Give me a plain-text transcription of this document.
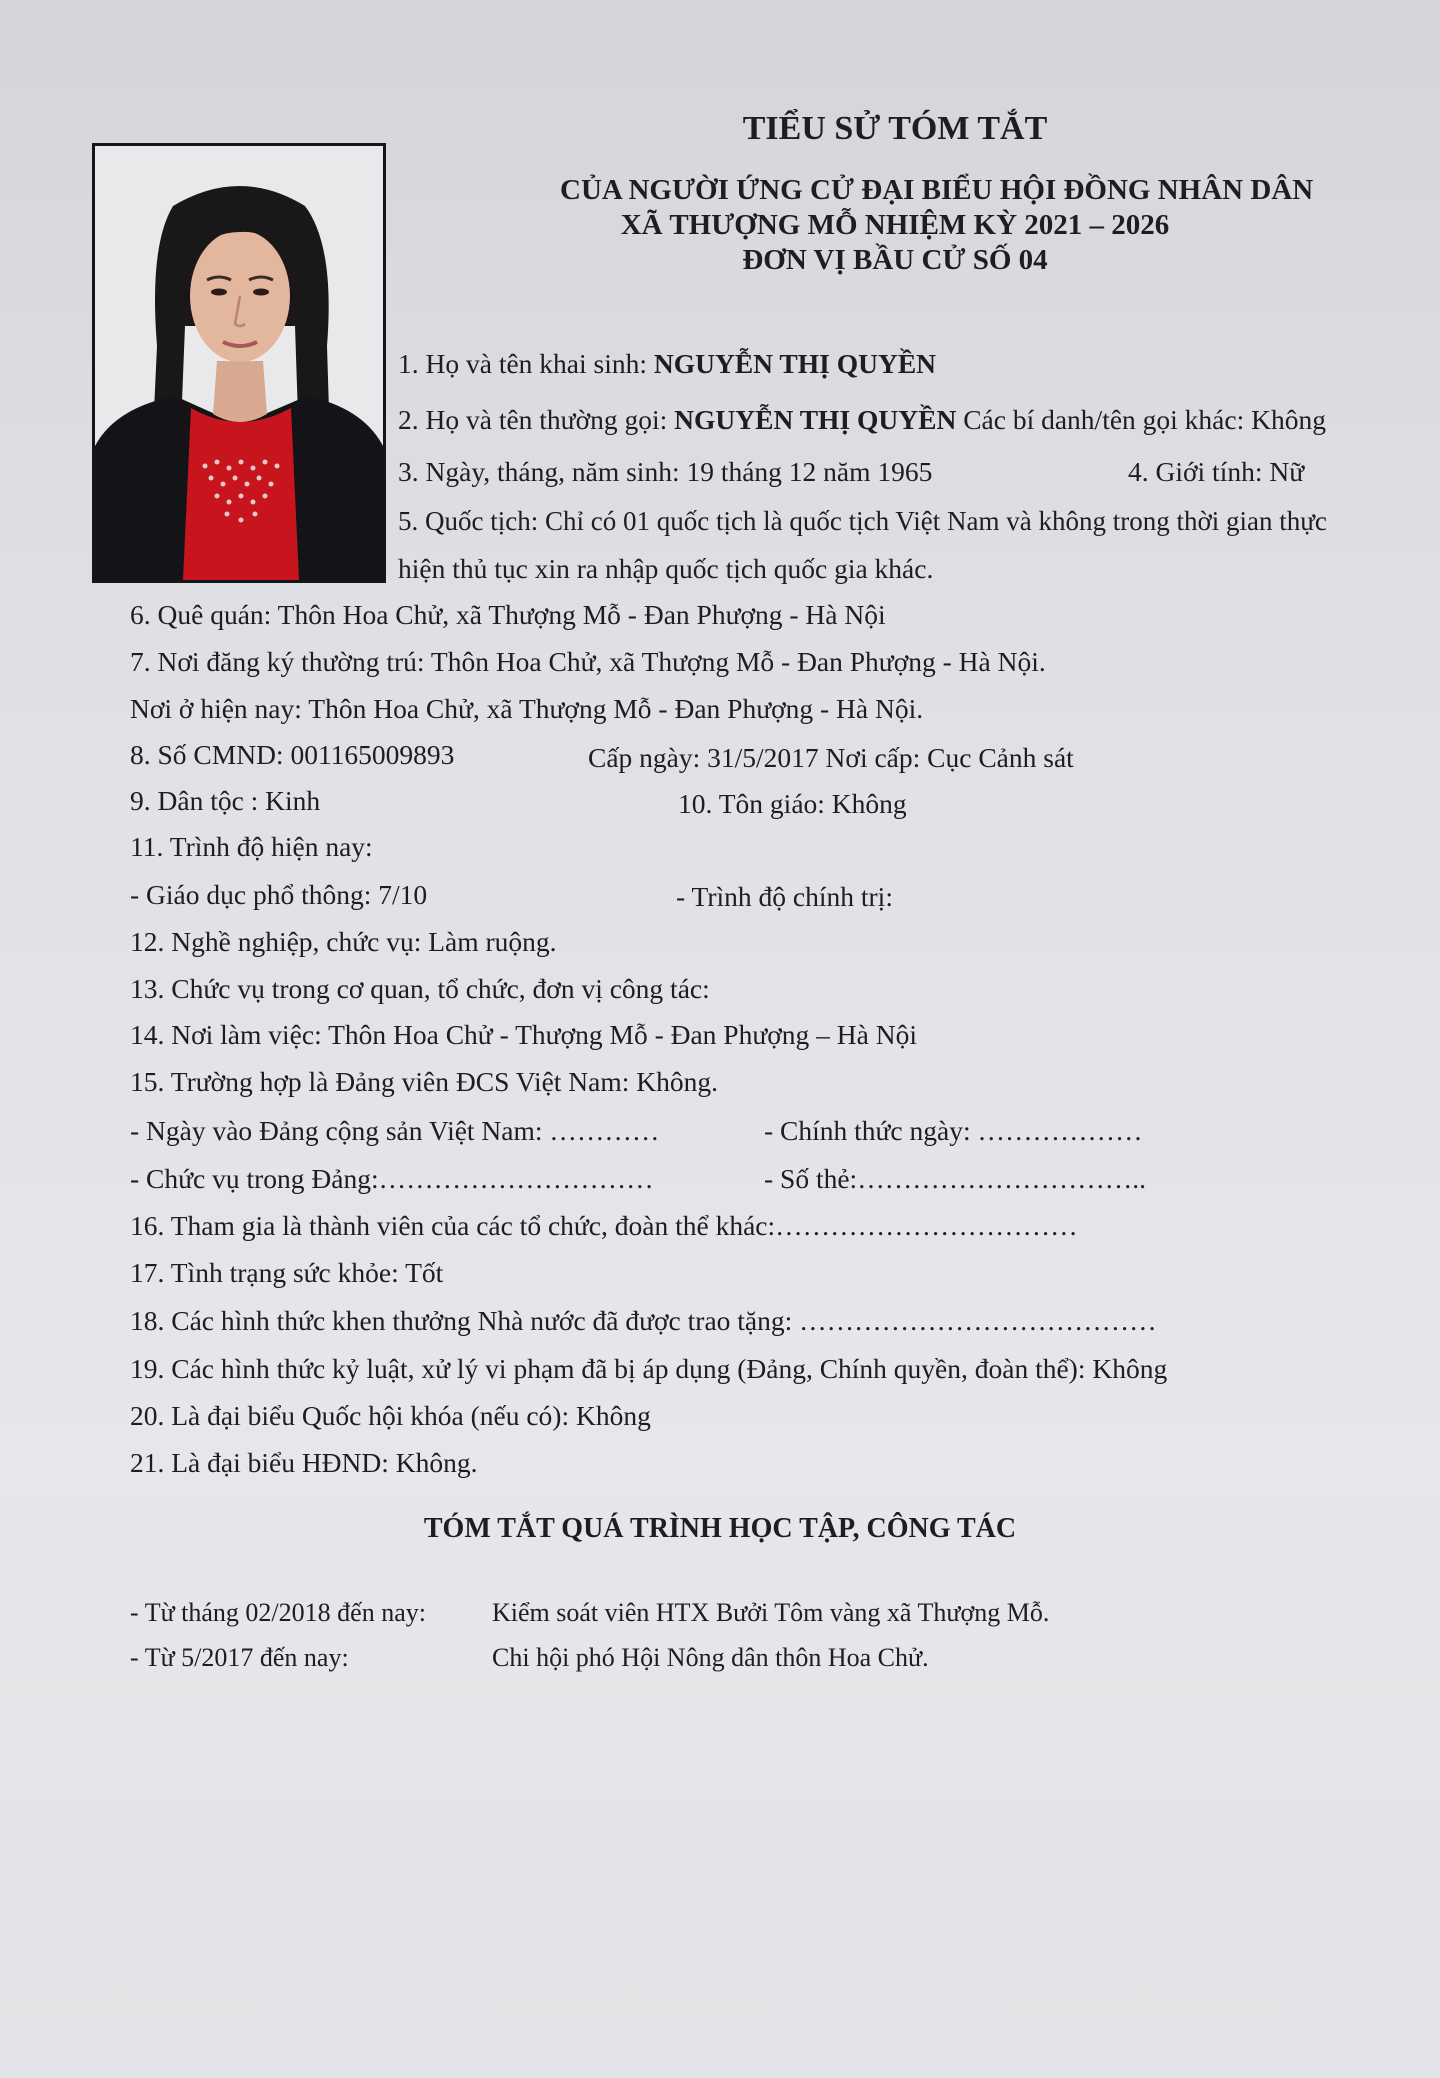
TIỂU SỬ TÓM TẮT
CỦA NGƯỜI ỨNG CỬ ĐẠI BIỂU HỘI ĐỒNG NHÂN DÂN
XÃ THƯỢNG MỖ NHIỆM KỲ 2021 – 2026
ĐƠN VỊ BẦU CỬ SỐ 04
1. Họ và tên khai sinh: NGUYỄN THỊ QUYỀN
2. Họ và tên thường gọi: NGUYỄN THỊ QUYỀN Các bí danh/tên gọi khác: Không
3. Ngày, tháng, năm sinh: 19 tháng 12 năm 1965	4. Giới tính: Nữ
5. Quốc tịch: Chỉ có 01 quốc tịch là quốc tịch Việt Nam và không trong thời gian thực
hiện thủ tục xin ra nhập quốc tịch quốc gia khác.
6. Quê quán: Thôn Hoa Chử, xã Thượng Mỗ - Đan Phượng - Hà Nội
7. Nơi đăng ký thường trú: Thôn Hoa Chử, xã Thượng Mỗ - Đan Phượng - Hà Nội.
Nơi ở hiện nay: Thôn Hoa Chử, xã Thượng Mỗ - Đan Phượng - Hà Nội.
8. Số CMND: 001165009893	Cấp ngày: 31/5/2017 Nơi cấp: Cục Cảnh sát
9. Dân tộc : Kinh	10. Tôn giáo: Không
11. Trình độ hiện nay:
- Giáo dục phổ thông: 7/10	- Trình độ chính trị:
12. Nghề nghiệp, chức vụ: Làm ruộng.
13. Chức vụ trong cơ quan, tổ chức, đơn vị công tác:
14. Nơi làm việc: Thôn Hoa Chử - Thượng Mỗ - Đan Phượng – Hà Nội
15. Trường hợp là Đảng viên ĐCS Việt Nam: Không.
- Ngày vào Đảng cộng sản Việt Nam: …………	- Chính thức ngày: ………………
- Chức vụ trong Đảng:…………………………	- Số thẻ:…………………………..
16. Tham gia là thành viên của các tổ chức, đoàn thể khác:……………………………
17. Tình trạng sức khỏe: Tốt
18. Các hình thức khen thưởng Nhà nước đã được trao tặng: …………………………………
19. Các hình thức kỷ luật, xử lý vi phạm đã bị áp dụng (Đảng, Chính quyền, đoàn thể): Không
20. Là đại biểu Quốc hội khóa (nếu có): Không
21. Là đại biểu HĐND: Không.
TÓM TẮT QUÁ TRÌNH HỌC TẬP, CÔNG TÁC
- Từ tháng 02/2018 đến nay:	Kiểm soát viên HTX Bưởi Tôm vàng xã Thượng Mỗ.
- Từ 5/2017 đến nay:	Chi hội phó Hội Nông dân thôn Hoa Chử.
